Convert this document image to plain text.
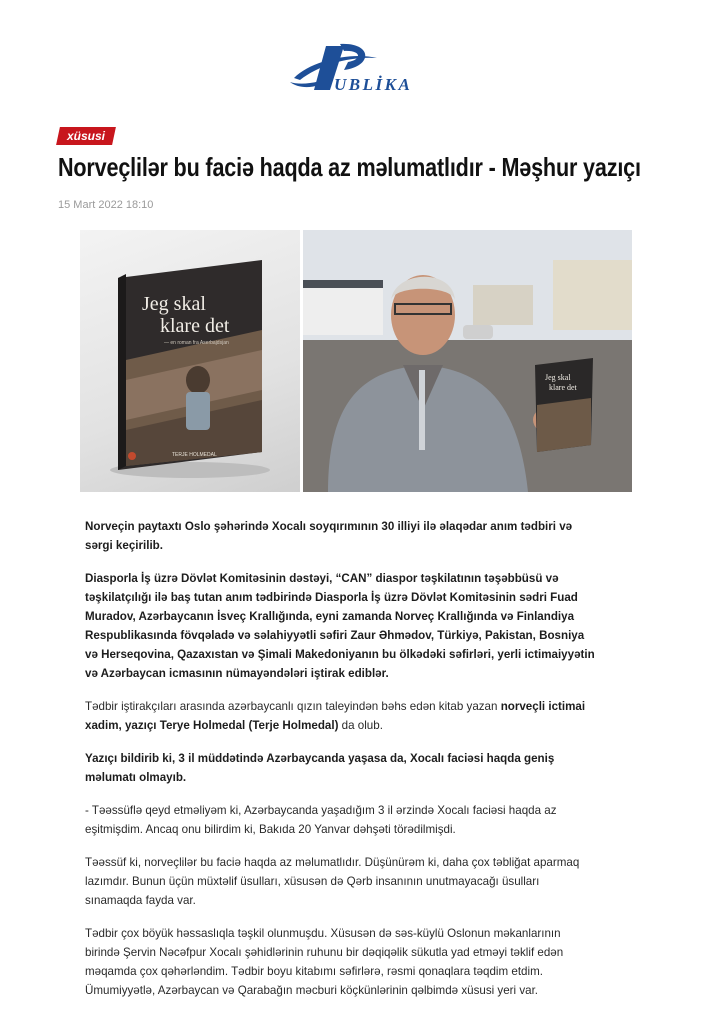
UBLİKA
xüsusi
Norveçlilər bu faciə haqda az məlumatlıdır - Məşhur yazıçı
15 Mart 2022 18:10
Jeg skal
klare det
— en roman fra Aserbajdsjan
TERJE HOLMEDAL
Jeg skal
klare det

Norveçin paytaxtı Oslo şəhərində Xocalı soyqırımının 30 illiyi ilə əlaqədar anım tədbiri və sərgi keçirilib.

Diasporla İş üzrə Dövlət Komitəsinin dəstəyi, “CAN” diaspor təşkilatının təşəbbüsü və təşkilatçılığı ilə baş tutan anım tədbirində Diasporla İş üzrə Dövlət Komitəsinin sədri Fuad Muradov, Azərbaycanın İsveç Krallığında, eyni zamanda Norveç Krallığında və Finlandiya Respublikasında fövqəladə və səlahiyyətli səfiri Zaur Əhmədov, Türkiyə, Pakistan, Bosniya və Herseqovina, Qazaxıstan və Şimali Makedoniyanın bu ölkədəki səfirləri, yerli ictimaiyyətin və Azərbaycan icmasının nümayəndələri iştirak ediblər.

Tədbir iştirakçıları arasında azərbaycanlı qızın taleyindən bəhs edən kitab yazan norveçli ictimai xadim, yazıçı Terye Holmedal (Terje Holmedal) da olub.

Yazıçı bildirib ki, 3 il müddətində Azərbaycanda yaşasa da, Xocalı faciəsi haqda geniş məlumatı olmayıb.

- Təəssüflə qeyd etməliyəm ki, Azərbaycanda yaşadığım 3 il ərzində Xocalı faciəsi haqda az eşitmişdim. Ancaq onu bilirdim ki, Bakıda 20 Yanvar dəhşəti törədilmişdi.

Təəssüf ki, norveçlilər bu faciə haqda az məlumatlıdır. Düşünürəm ki, daha çox təbliğat aparmaq lazımdır. Bunun üçün müxtəlif üsulları, xüsusən də Qərb insanının unutmayacağı üsulları sınamaqda fayda var.

Tədbir çox böyük həssaslıqla təşkil olunmuşdu. Xüsusən də səs-küylü Oslonun məkanlarının birində Şervin Nəcəfpur Xocalı şəhidlərinin ruhunu bir dəqiqəlik sükutla yad etməyi təklif edən məqamda çox qəhərləndim. Tədbir boyu kitabımı səfirlərə, rəsmi qonaqlara təqdim etdim. Ümumiyyətlə, Azərbaycan və Qarabağın məcburi köçkünlərinin qəlbimdə xüsusi yeri var.
